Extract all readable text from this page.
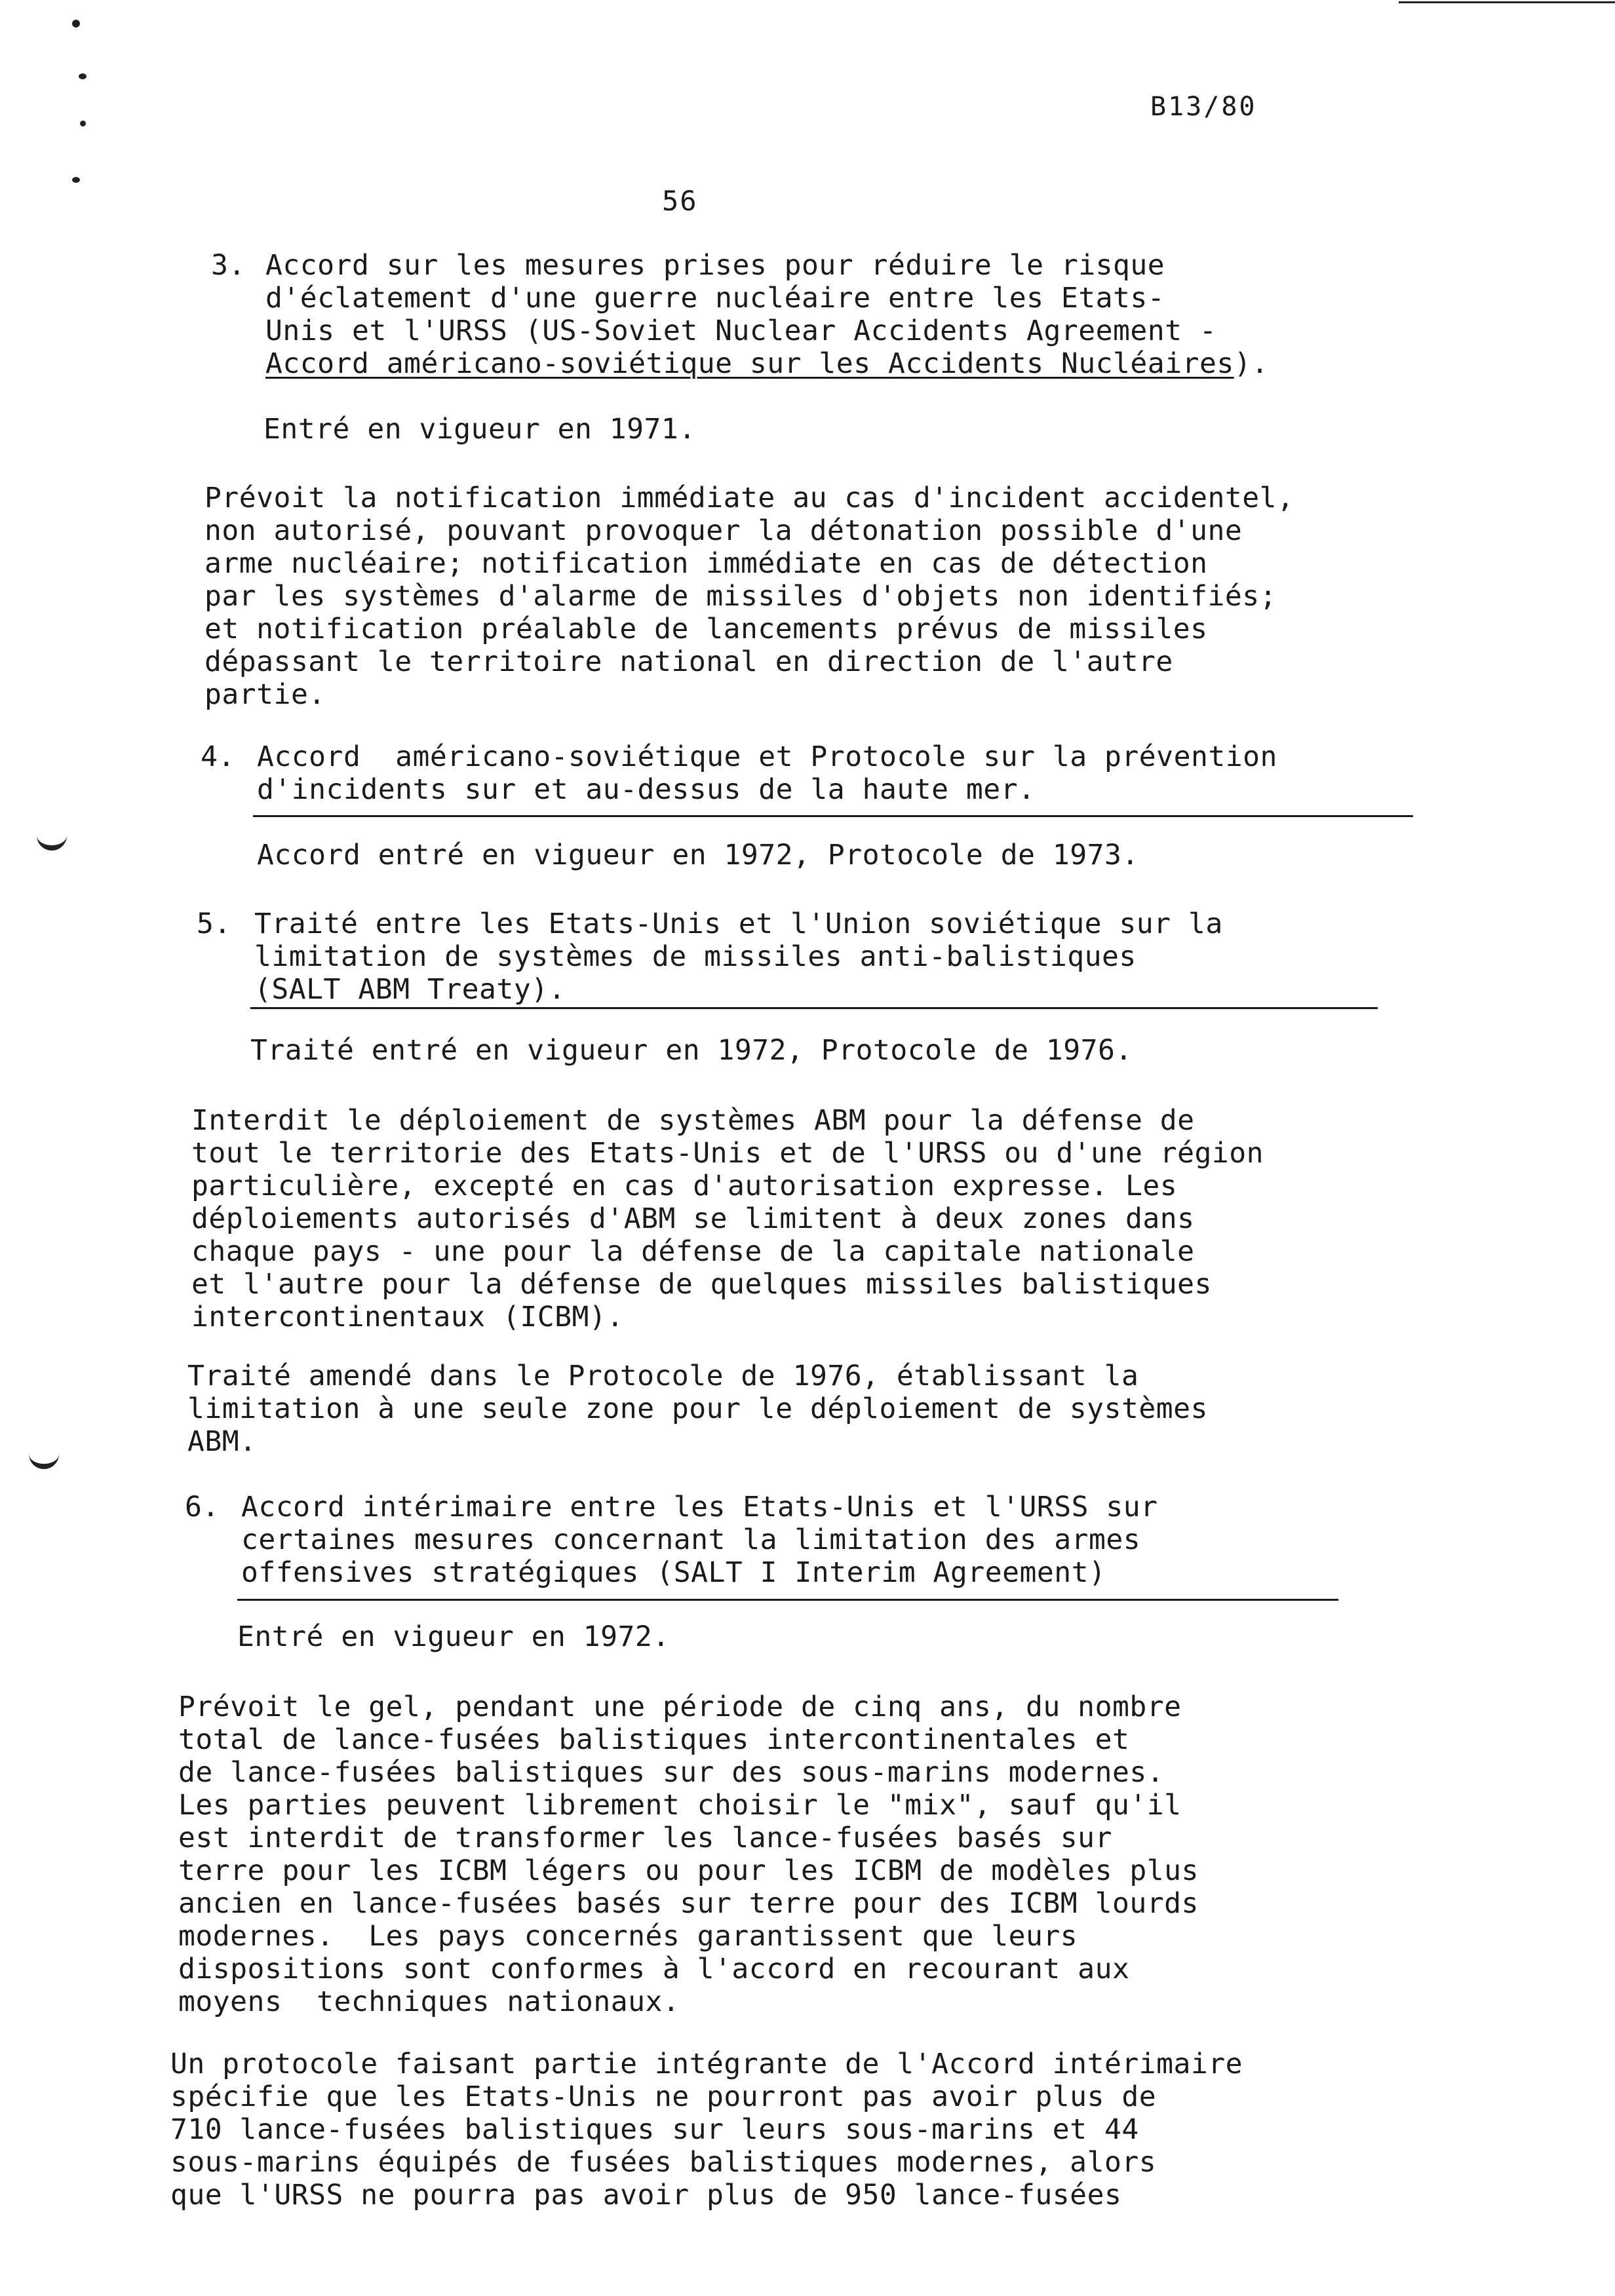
B13/80
56
3. Accord sur les mesures prises pour réduire le risque
d'éclatement d'une guerre nucléaire entre les Etats-
Unis et l'URSS (US-Soviet Nuclear Accidents Agreement -
Accord américano-soviétique sur les Accidents Nucléaires).
Entré en vigueur en 1971.
Prévoit la notification immédiate au cas d'incident accidentel,
non autorisé, pouvant provoquer la détonation possible d'une
arme nucléaire; notification immédiate en cas de détection
par les systèmes d'alarme de missiles d'objets non identifiés;
et notification préalable de lancements prévus de missiles
dépassant le territoire national en direction de l'autre
partie.
4. Accord  américano-soviétique et Protocole sur la prévention
d'incidents sur et au-dessus de la haute mer.
Accord entré en vigueur en 1972, Protocole de 1973.
5. Traité entre les Etats-Unis et l'Union soviétique sur la
limitation de systèmes de missiles anti-balistiques
(SALT ABM Treaty).
Traité entré en vigueur en 1972, Protocole de 1976.
Interdit le déploiement de systèmes ABM pour la défense de
tout le territorie des Etats-Unis et de l'URSS ou d'une région
particulière, excepté en cas d'autorisation expresse. Les
déploiements autorisés d'ABM se limitent à deux zones dans
chaque pays - une pour la défense de la capitale nationale
et l'autre pour la défense de quelques missiles balistiques
intercontinentaux (ICBM).
Traité amendé dans le Protocole de 1976, établissant la
limitation à une seule zone pour le déploiement de systèmes
ABM.
6. Accord intérimaire entre les Etats-Unis et l'URSS sur
certaines mesures concernant la limitation des armes
offensives stratégiques (SALT I Interim Agreement)
Entré en vigueur en 1972.
Prévoit le gel, pendant une période de cinq ans, du nombre
total de lance-fusées balistiques intercontinentales et
de lance-fusées balistiques sur des sous-marins modernes.
Les parties peuvent librement choisir le "mix", sauf qu'il
est interdit de transformer les lance-fusées basés sur
terre pour les ICBM légers ou pour les ICBM de modèles plus
ancien en lance-fusées basés sur terre pour des ICBM lourds
modernes.  Les pays concernés garantissent que leurs
dispositions sont conformes à l'accord en recourant aux
moyens  techniques nationaux.
Un protocole faisant partie intégrante de l'Accord intérimaire
spécifie que les Etats-Unis ne pourront pas avoir plus de
710 lance-fusées balistiques sur leurs sous-marins et 44
sous-marins équipés de fusées balistiques modernes, alors
que l'URSS ne pourra pas avoir plus de 950 lance-fusées
